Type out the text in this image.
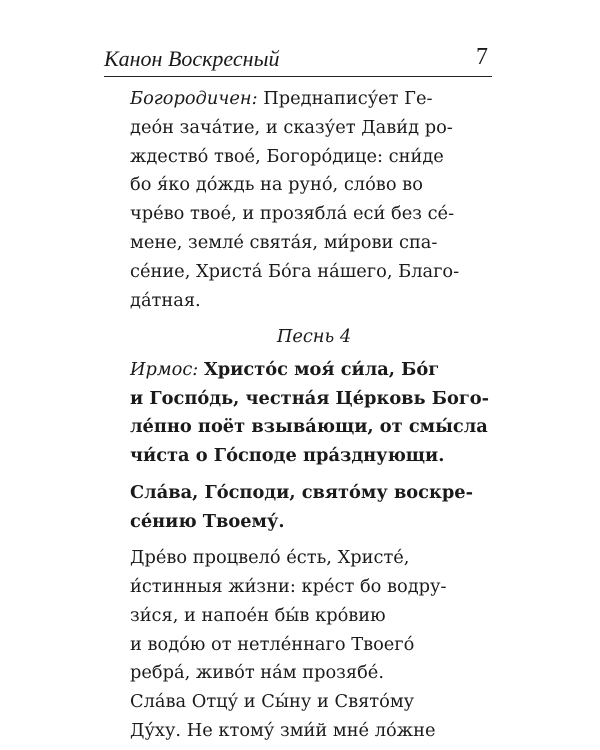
Канон Воскресный	7
Богородичен: Преднапису́ет Ге-
део́н зача́тие, и сказу́ет Дави́д ро-
ждество́ твое́, Богоро́дице: сни́де
бо я́ко до́ждь на руно́, сло́во во
чре́во твое́, и прозябла́ еси́ без се́-
мене, земле́ свята́я, ми́рови спа-
се́ние, Христа́ Бо́га на́шего, Благо-
да́тная.
Песнь 4
Ирмос: Христо́с моя́ си́ла, Бо́г
и Госпо́дь, честна́я Це́рковь Бого-
ле́пно поёт взыва́ющи, от смы́сла
чи́ста о Го́споде пра́зднующи.
Сла́ва, Го́споди, свято́му воскре-
се́нию Твоему́.
Дре́во процвело́ е́сть, Христе́,
и́стинныя жи́зни: кре́ст бо водру-
зи́ся, и напое́н бы́в кро́вию
и водо́ю от нетле́ннаго Твоего́
ребра́, живо́т на́м прозябе́.
Сла́ва Отцу́ и Сы́ну и Свято́му
Ду́ху. Не ктому́ зми́й мне́ ло́жне
